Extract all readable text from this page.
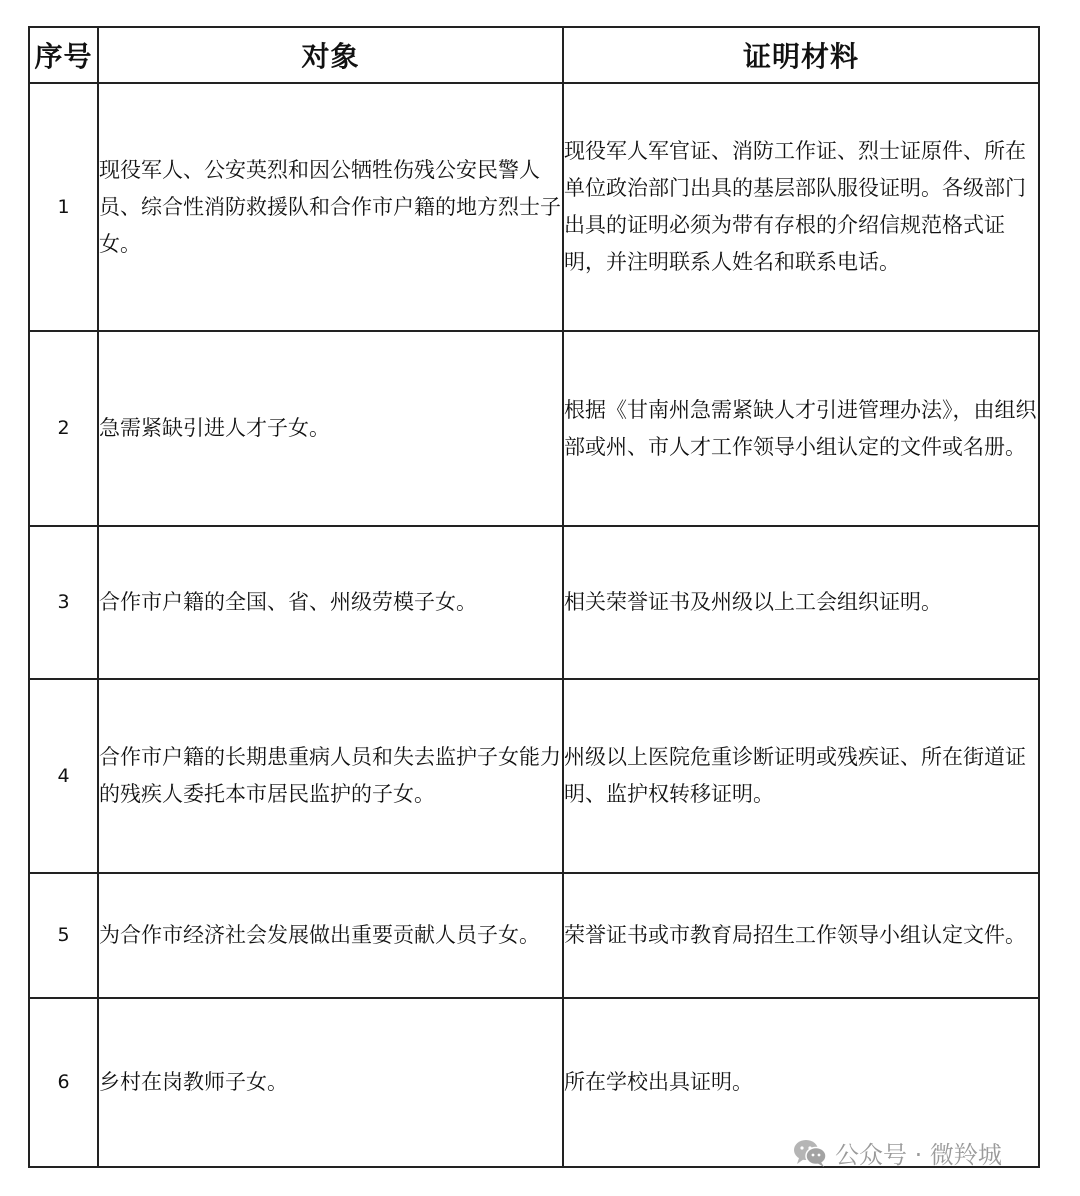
序号	对象	证明材料
1	现役军人、公安英烈和因公牺牲伤残公安民警人员、综合性消防救援队和合作市户籍的地方烈士子女。	现役军人军官证、消防工作证、烈士证原件、所在单位政治部门出具的基层部队服役证明。各级部门出具的证明必须为带有存根的介绍信规范格式证明，并注明联系人姓名和联系电话。
2	急需紧缺引进人才子女。	根据《甘南州急需紧缺人才引进管理办法》，由组织部或州、市人才工作领导小组认定的文件或名册。
3	合作市户籍的全国、省、州级劳模子女。	相关荣誉证书及州级以上工会组织证明。
4	合作市户籍的长期患重病人员和失去监护子女能力的残疾人委托本市居民监护的子女。	州级以上医院危重诊断证明或残疾证、所在街道证明、监护权转移证明。
5	为合作市经济社会发展做出重要贡献人员子女。	荣誉证书或市教育局招生工作领导小组认定文件。
6	乡村在岗教师子女。	所在学校出具证明。
公众号 · 微羚城
